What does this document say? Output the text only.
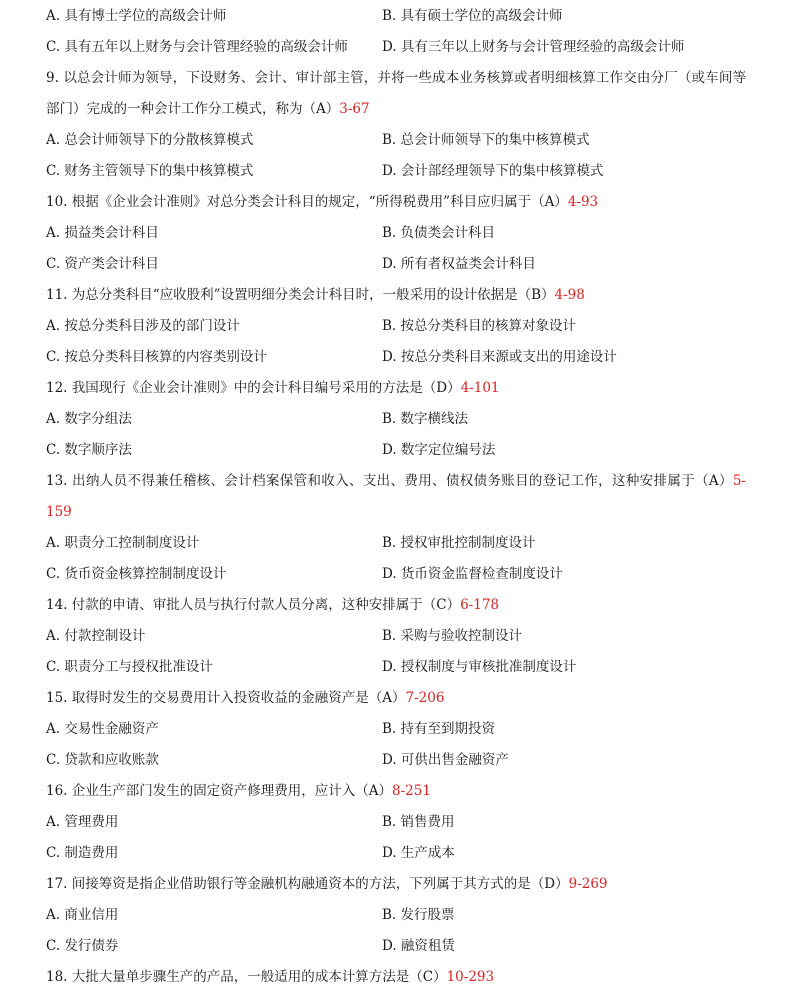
A. 具有博士学位的高级会计师	B. 具有硕士学位的高级会计师
C. 具有五年以上财务与会计管理经验的高级会计师	D. 具有三年以上财务与会计管理经验的高级会计师
9. 以总会计师为领导，下设财务、会计、审计部主管，并将一些成本业务核算或者明细核算工作交由分厂（或车间等部门）完成的一种会计工作分工模式，称为（A）3-67
A. 总会计师领导下的分散核算模式	B. 总会计师领导下的集中核算模式
C. 财务主管领导下的集中核算模式	D. 会计部经理领导下的集中核算模式
10. 根据《企业会计准则》对总分类会计科目的规定，“所得税费用”科目应归属于（A）4-93
A. 损益类会计科目	B. 负债类会计科目
C. 资产类会计科目	D. 所有者权益类会计科目
11. 为总分类科目“应收股利”设置明细分类会计科目时，一般采用的设计依据是（B）4-98
A. 按总分类科目涉及的部门设计	B. 按总分类科目的核算对象设计
C. 按总分类科目核算的内容类别设计	D. 按总分类科目来源或支出的用途设计
12. 我国现行《企业会计准则》中的会计科目编号采用的方法是（D）4-101
A. 数字分组法	B. 数字横线法
C. 数字顺序法	D. 数字定位编号法
13. 出纳人员不得兼任稽核、会计档案保管和收入、支出、费用、债权债务账目的登记工作，这种安排属于（A）5-159
A. 职责分工控制制度设计	B. 授权审批控制制度设计
C. 货币资金核算控制制度设计	D. 货币资金监督检查制度设计
14. 付款的申请、审批人员与执行付款人员分离，这种安排属于（C）6-178
A. 付款控制设计	B. 采购与验收控制设计
C. 职责分工与授权批准设计	D. 授权制度与审核批准制度设计
15. 取得时发生的交易费用计入投资收益的金融资产是（A）7-206
A. 交易性金融资产	B. 持有至到期投资
C. 贷款和应收账款	D. 可供出售金融资产
16. 企业生产部门发生的固定资产修理费用，应计入（A）8-251
A. 管理费用	B. 销售费用
C. 制造费用	D. 生产成本
17. 间接筹资是指企业借助银行等金融机构融通资本的方法，下列属于其方式的是（D）9-269
A. 商业信用	B. 发行股票
C. 发行债券	D. 融资租赁
18. 大批大量单步骤生产的产品，一般适用的成本计算方法是（C）10-293
